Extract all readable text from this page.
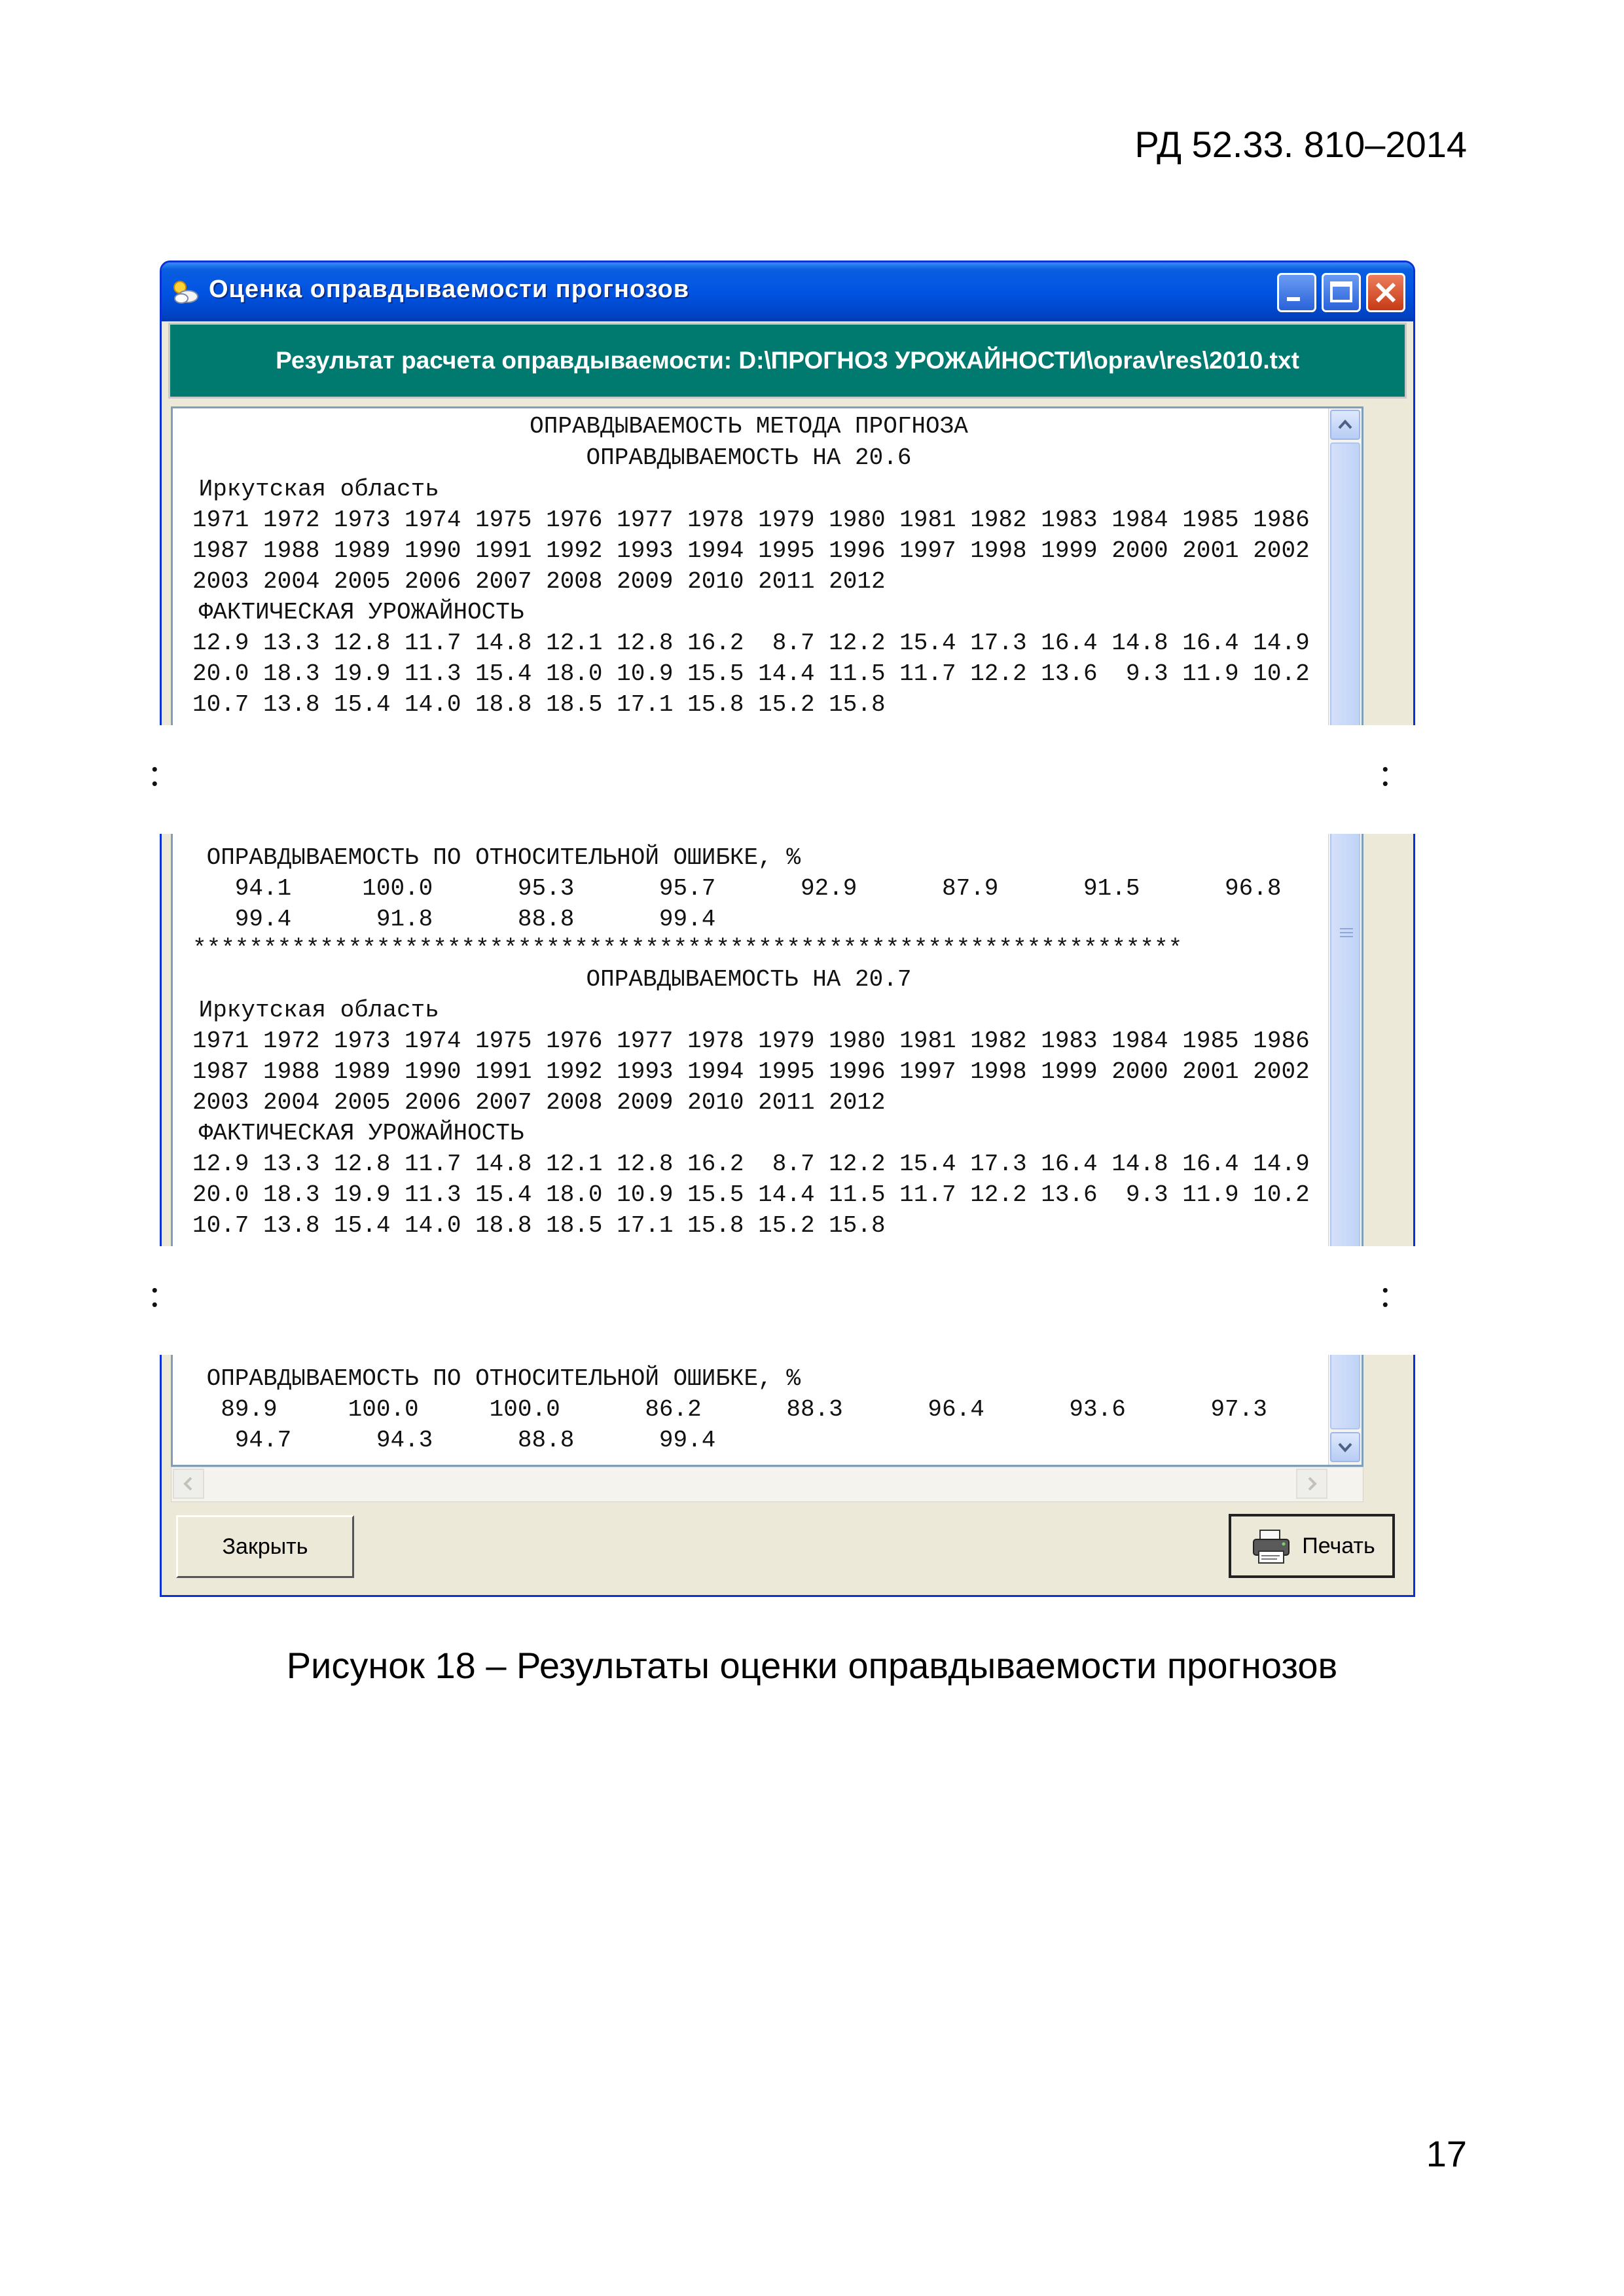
РД 52.33. 810–2014
Оценка оправдываемости прогнозов
Результат расчета оправдываемости: D:\ПРОГНОЗ УРОЖАЙНОСТИ\oprav\res\2010.txt
ОПРАВДЫВАЕМОСТЬ МЕТОДА ПРОГНОЗА
ОПРАВДЫВАЕМОСТЬ НА 20.6
Иркутская область
1971 1972 1973 1974 1975 1976 1977 1978 1979 1980 1981 1982 1983 1984 1985 1986
1987 1988 1989 1990 1991 1992 1993 1994 1995 1996 1997 1998 1999 2000 2001 2002
2003 2004 2005 2006 2007 2008 2009 2010 2011 2012
ФАКТИЧЕСКАЯ УРОЖАЙНОСТЬ
12.9 13.3 12.8 11.7 14.8 12.1 12.8 16.2  8.7 12.2 15.4 17.3 16.4 14.8 16.4 14.9
20.0 18.3 19.9 11.3 15.4 18.0 10.9 15.5 14.4 11.5 11.7 12.2 13.6  9.3 11.9 10.2
10.7 13.8 15.4 14.0 18.8 18.5 17.1 15.8 15.2 15.8
ОПРАВДЫВАЕМОСТЬ ПО ОТНОСИТЕЛЬНОЙ ОШИБКЕ, %
94.1     100.0      95.3      95.7      92.9      87.9      91.5      96.8
99.4      91.8      88.8      99.4
**********************************************************************
ОПРАВДЫВАЕМОСТЬ НА 20.7
Иркутская область
1971 1972 1973 1974 1975 1976 1977 1978 1979 1980 1981 1982 1983 1984 1985 1986
1987 1988 1989 1990 1991 1992 1993 1994 1995 1996 1997 1998 1999 2000 2001 2002
2003 2004 2005 2006 2007 2008 2009 2010 2011 2012
ФАКТИЧЕСКАЯ УРОЖАЙНОСТЬ
12.9 13.3 12.8 11.7 14.8 12.1 12.8 16.2  8.7 12.2 15.4 17.3 16.4 14.8 16.4 14.9
20.0 18.3 19.9 11.3 15.4 18.0 10.9 15.5 14.4 11.5 11.7 12.2 13.6  9.3 11.9 10.2
10.7 13.8 15.4 14.0 18.8 18.5 17.1 15.8 15.2 15.8
ОПРАВДЫВАЕМОСТЬ ПО ОТНОСИТЕЛЬНОЙ ОШИБКЕ, %
89.9     100.0     100.0      86.2      88.3      96.4      93.6      97.3
94.7      94.3      88.8      99.4
Закрыть	Печать
:	:
:	:
Рисунок 18 – Результаты оценки оправдываемости прогнозов
17
